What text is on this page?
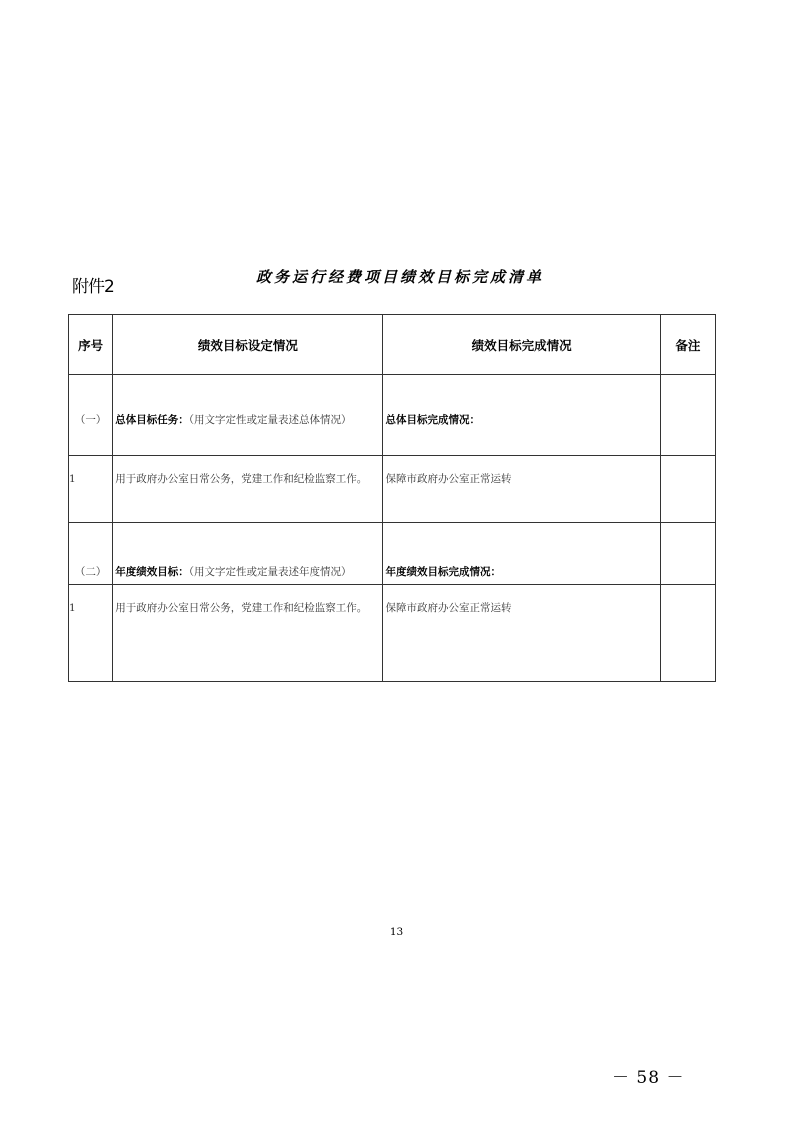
附件2	政务运行经费项目绩效目标完成清单
序号	绩效目标设定情况	绩效目标完成情况	备注

（一）	总体目标任务：（用文字定性或定量表述总体情况）	总体目标完成情况：	

1	用于政府办公室日常公务，党建工作和纪检监察工作。	保障市政府办公室正常运转	

（二）	年度绩效目标：（用文字定性或定量表述年度情况）	年度绩效目标完成情况：	

1	用于政府办公室日常公务，党建工作和纪检监察工作。	保障市政府办公室正常运转	

13
－ 58 －
